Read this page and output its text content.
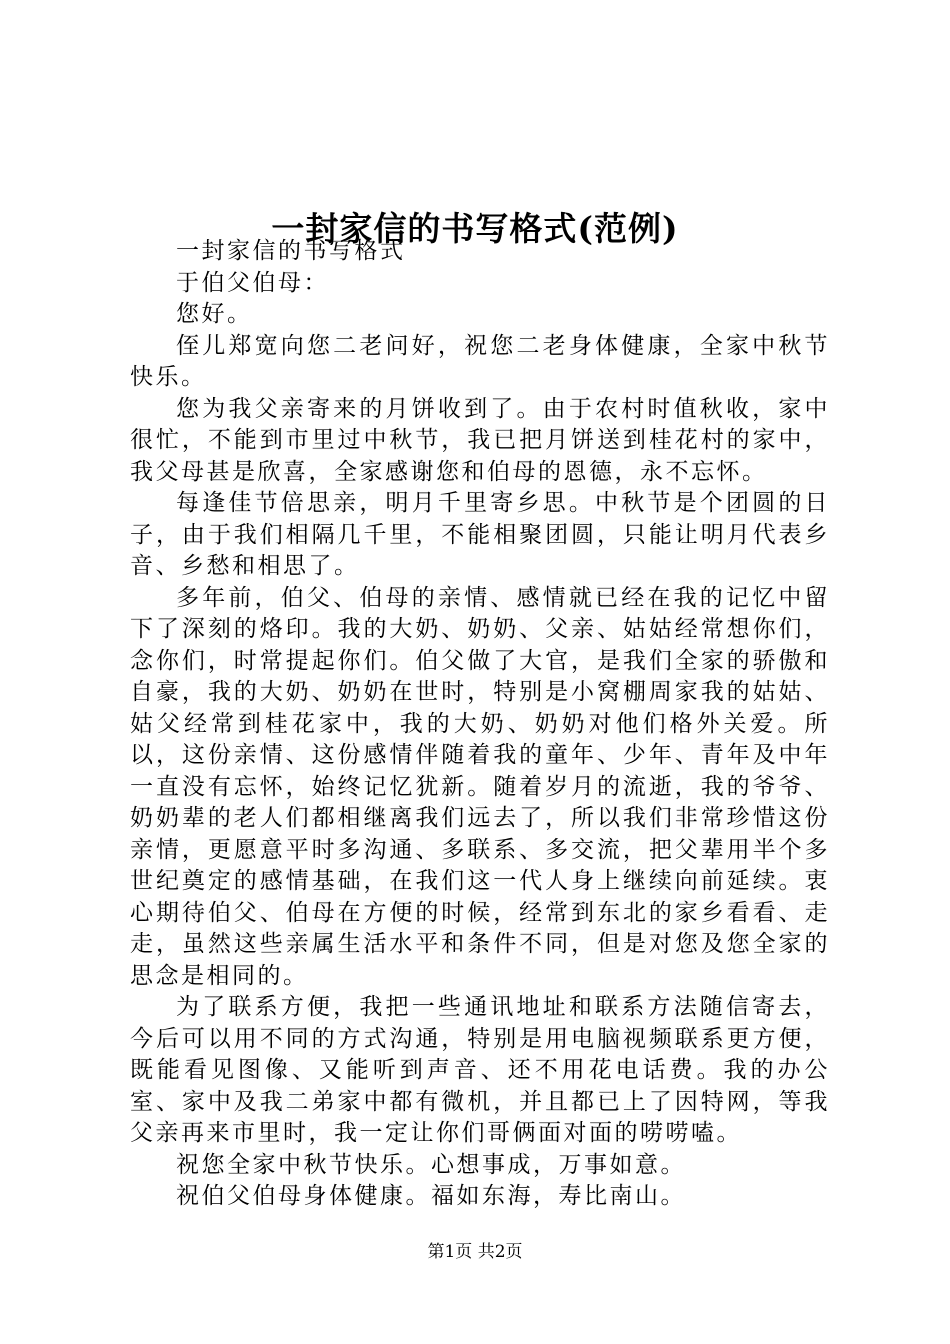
一封家信的书写格式(范例)

一封家信的书写格式

于伯父伯母：

您好。

侄儿郑宽向您二老问好，祝您二老身体健康，全家中秋节快乐。

您为我父亲寄来的月饼收到了。由于农村时值秋收，家中很忙，不能到市里过中秋节，我已把月饼送到桂花村的家中，我父母甚是欣喜，全家感谢您和伯母的恩德，永不忘怀。

每逢佳节倍思亲，明月千里寄乡思。中秋节是个团圆的日子，由于我们相隔几千里，不能相聚团圆，只能让明月代表乡音、乡愁和相思了。

多年前，伯父、伯母的亲情、感情就已经在我的记忆中留下了深刻的烙印。我的大奶、奶奶、父亲、姑姑经常想你们，念你们，时常提起你们。伯父做了大官，是我们全家的骄傲和自豪，我的大奶、奶奶在世时，特别是小窝棚周家我的姑姑、姑父经常到桂花家中，我的大奶、奶奶对他们格外关爱。所以，这份亲情、这份感情伴随着我的童年、少年、青年及中年一直没有忘怀，始终记忆犹新。随着岁月的流逝，我的爷爷、奶奶辈的老人们都相继离我们远去了，所以我们非常珍惜这份亲情，更愿意平时多沟通、多联系、多交流，把父辈用半个多世纪奠定的感情基础，在我们这一代人身上继续向前延续。衷心期待伯父、伯母在方便的时候，经常到东北的家乡看看、走走，虽然这些亲属生活水平和条件不同，但是对您及您全家的思念是相同的。

为了联系方便，我把一些通讯地址和联系方法随信寄去，今后可以用不同的方式沟通，特别是用电脑视频联系更方便，既能看见图像、又能听到声音、还不用花电话费。我的办公室、家中及我二弟家中都有微机，并且都已上了因特网，等我父亲再来市里时，我一定让你们哥俩面对面的唠唠嗑。

祝您全家中秋节快乐。心想事成，万事如意。

祝伯父伯母身体健康。福如东海，寿比南山。

第1页 共2页
